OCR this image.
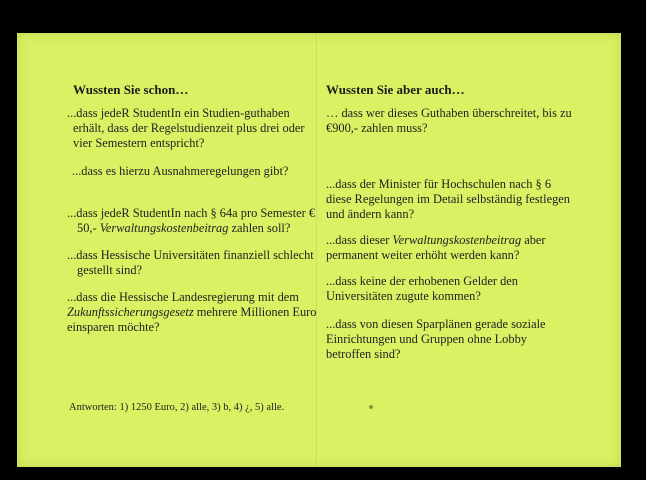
Wussten Sie schon…

...dass jedeR StudentIn ein Studien-guthaben
erhält, dass der Regelstudienzeit plus drei oder
vier Semestern entspricht?

...dass es hierzu Ausnahmeregelungen gibt?

...dass jedeR StudentIn nach § 64a pro Semester €
50,- Verwaltungskostenbeitrag zahlen soll?

...dass Hessische Universitäten finanziell schlecht
gestellt sind?

...dass die Hessische Landesregierung mit dem
Zukunftssicherungsgesetz mehrere Millionen Euro
einsparen möchte?

Wussten Sie aber auch…

… dass wer dieses Guthaben überschreitet, bis zu
€900,- zahlen muss?

...dass der Minister für Hochschulen nach § 6
diese Regelungen im Detail selbständig festlegen
und ändern kann?

...dass dieser Verwaltungskostenbeitrag aber
permanent weiter erhöht werden kann?

...dass keine der erhobenen Gelder den
Universitäten zugute kommen?

...dass von diesen Sparplänen gerade soziale
Einrichtungen und Gruppen ohne Lobby
betroffen sind?

Antworten: 1) 1250 Euro, 2) alle, 3) b, 4) ¿, 5) alle.
